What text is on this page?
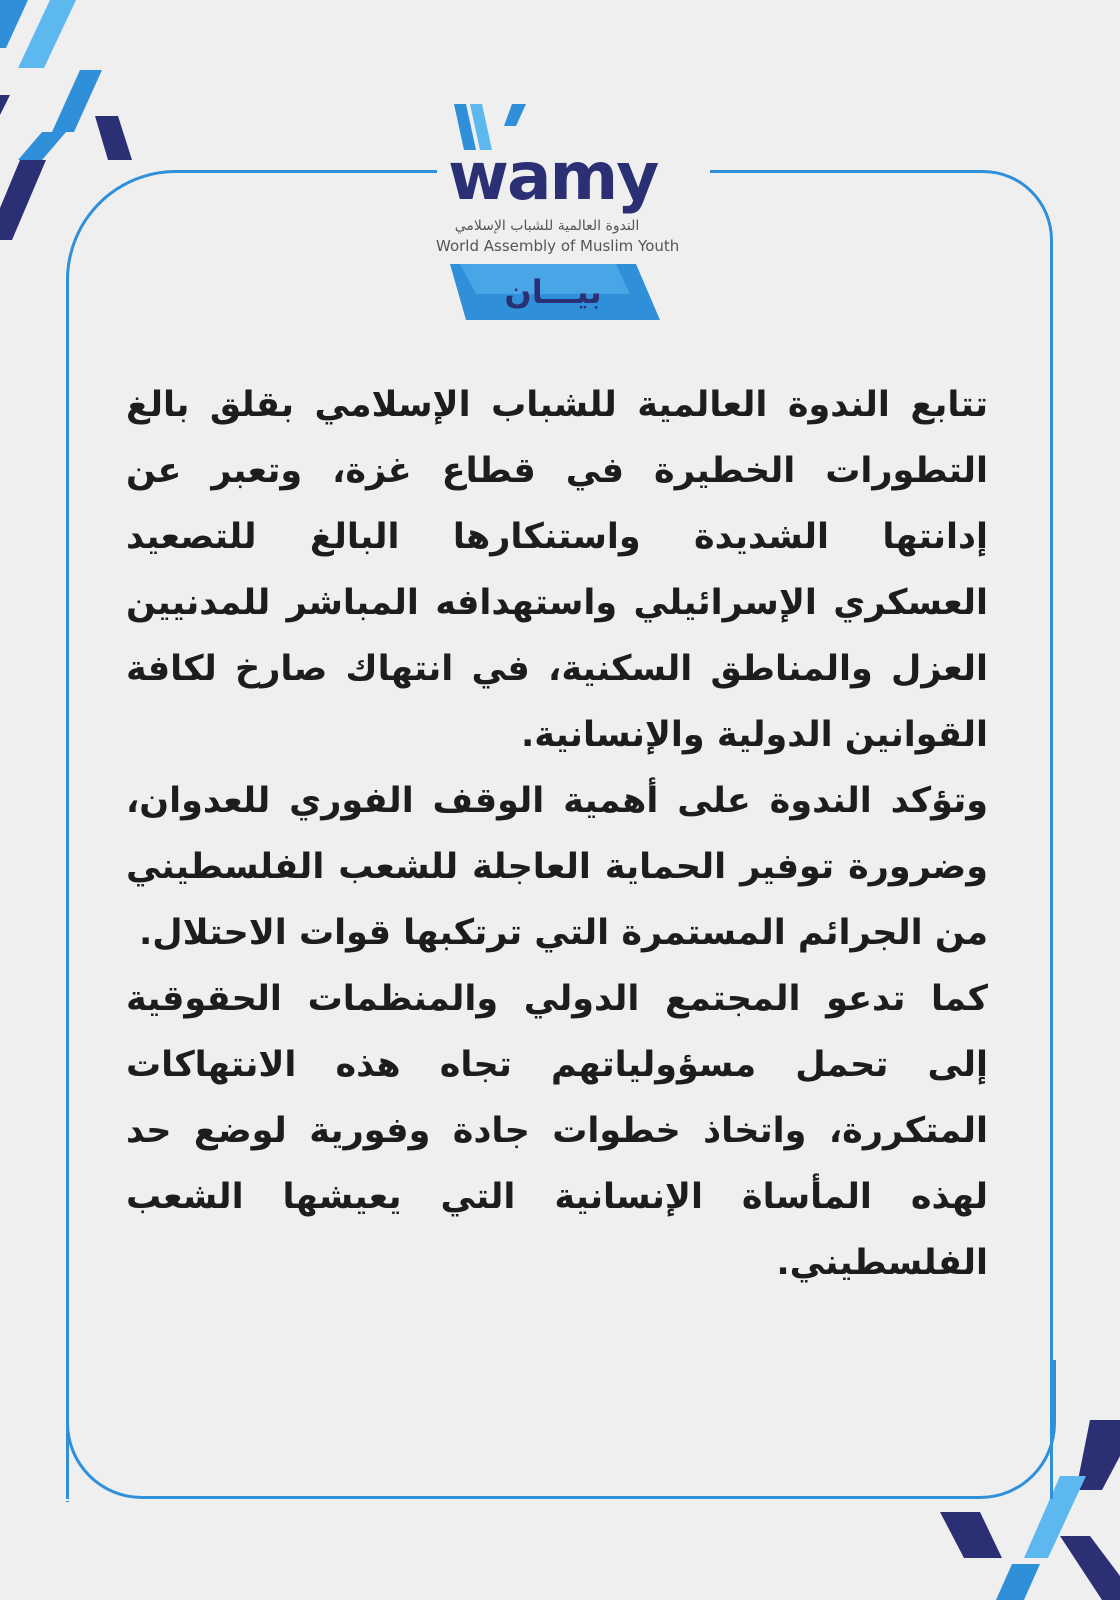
wamy
الندوة العالمية للشباب الإسلامي
World Assembly of Muslim Youth
بيـــان

تتابع الندوة العالمية للشباب الإسلامي بقلق بالغ التطورات الخطيرة في قطاع غزة، وتعبر عن إدانتها الشديدة واستنكارها البالغ للتصعيد العسكري الإسرائيلي واستهدافه المباشر للمدنيين العزل والمناطق السكنية، في انتهاك صارخ لكافة القوانين الدولية والإنسانية.

وتؤكد الندوة على أهمية الوقف الفوري للعدوان، وضرورة توفير الحماية العاجلة للشعب الفلسطيني من الجرائم المستمرة التي ترتكبها قوات الاحتلال.

كما تدعو المجتمع الدولي والمنظمات الحقوقية إلى تحمل مسؤولياتهم تجاه هذه الانتهاكات المتكررة، واتخاذ خطوات جادة وفورية لوضع حد لهذه المأساة الإنسانية التي يعيشها الشعب الفلسطيني.
